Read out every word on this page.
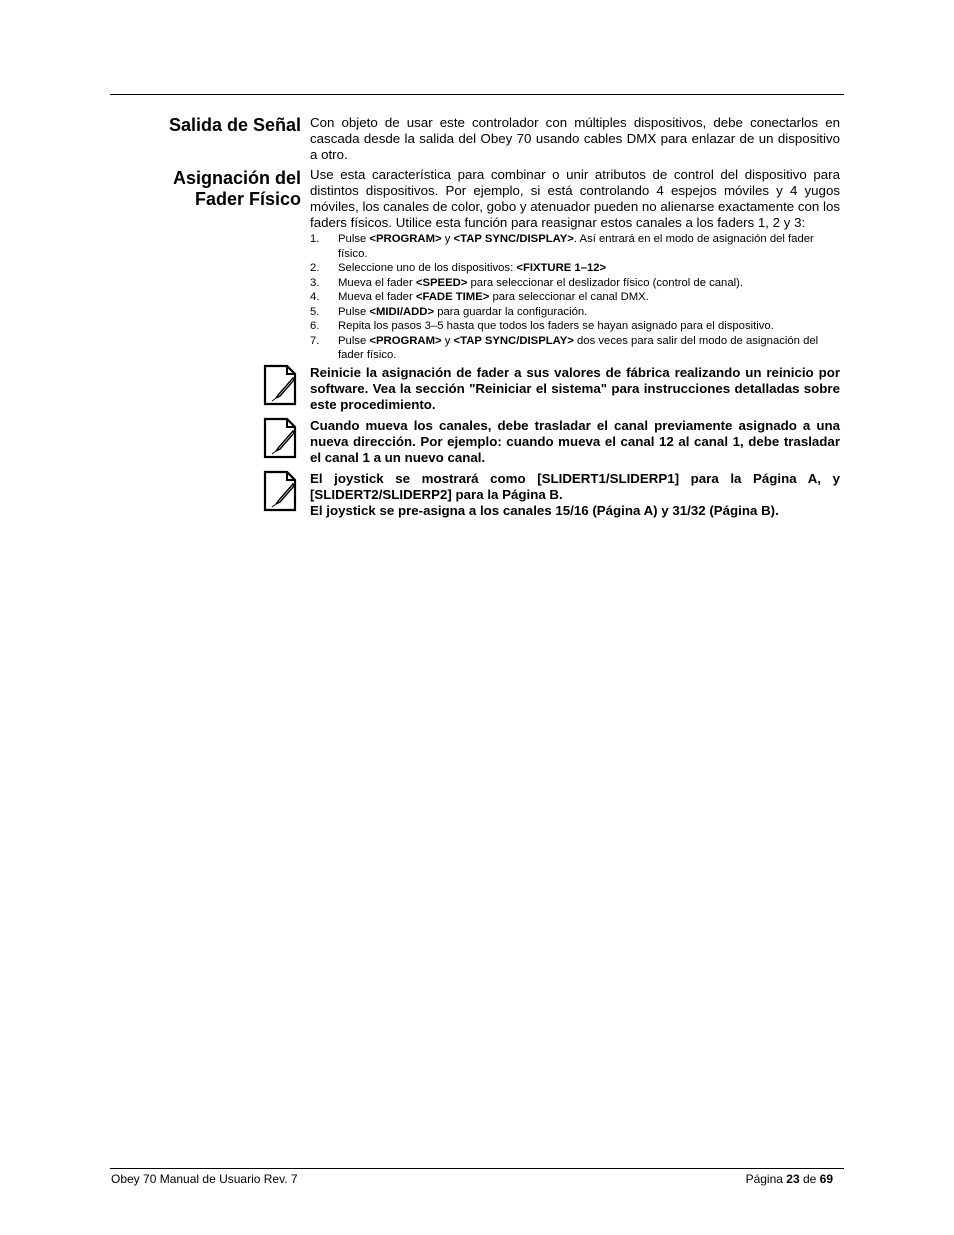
Salida de Señal Con objeto de usar este controlador con múltiples dispositivos, debe conectarlos en cascada desde la salida del Obey 70 usando cables DMX para enlazar de un dispositivo a otro.
Asignación del
Fader Físico
Use esta característica para combinar o unir atributos de control del dispositivo para distintos dispositivos. Por ejemplo, si está controlando 4 espejos móviles y 4 yugos móviles, los canales de color, gobo y atenuador pueden no alienarse exactamente con los faders físicos. Utilice esta función para reasignar estos canales a los faders 1, 2 y 3:
1.	Pulse <PROGRAM> y <TAP SYNC/DISPLAY>. Así entrará en el modo de asignación del fader físico.
2.	Seleccione uno de los dispositivos: <FIXTURE 1–12>
3.	Mueva el fader <SPEED> para seleccionar el deslizador físico (control de canal).
4.	Mueva el fader <FADE TIME> para seleccionar el canal DMX.
5.	Pulse <MIDI/ADD> para guardar la configuración.
6.	Repita los pasos 3–5 hasta que todos los faders se hayan asignado para el dispositivo.
7.	Pulse <PROGRAM> y <TAP SYNC/DISPLAY> dos veces para salir del modo de asignación del fader físico.
Reinicie la asignación de fader a sus valores de fábrica realizando un reinicio por software. Vea la sección "Reiniciar el sistema" para instrucciones detalladas sobre este procedimiento.
Cuando mueva los canales, debe trasladar el canal previamente asignado a una nueva dirección. Por ejemplo: cuando mueva el canal 12 al canal 1, debe trasladar el canal 1 a un nuevo canal.
El joystick se mostrará como [SLIDERT1/SLIDERP1] para la Página A, y [SLIDERT2/SLIDERP2] para la Página B.
El joystick se pre-asigna a los canales 15/16 (Página A) y 31/32 (Página B).
Obey 70 Manual de Usuario Rev. 7	Página 23 de 69
